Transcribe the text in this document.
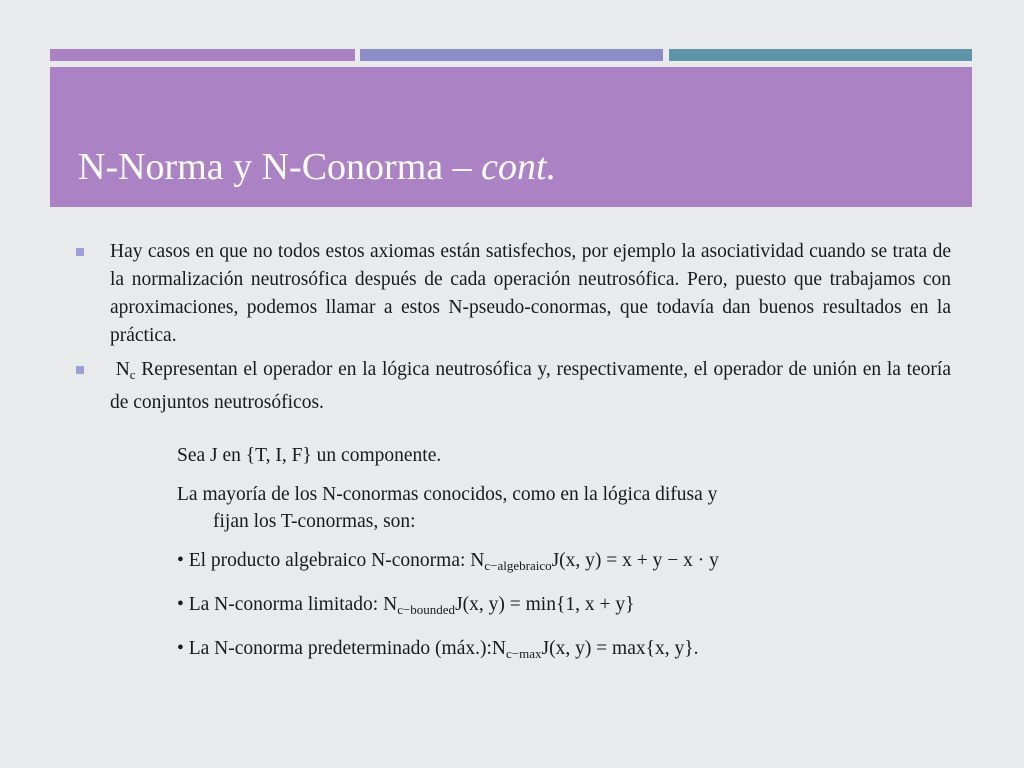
N-Norma y N-Conorma – cont.

Hay casos en que no todos estos axiomas están satisfechos, por ejemplo la asociatividad cuando se trata de la normalización neutrosófica después de cada operación neutrosófica. Pero, puesto que trabajamos con aproximaciones, podemos llamar a estos N-pseudo-conormas, que todavía dan buenos resultados en la práctica.

$N_c$ Representan el operador en la lógica neutrosófica y, respectivamente, el operador de unión en la teoría de conjuntos neutrosóficos.

Sea J en {T, I, F} un componente.

La mayoría de los N-conormas conocidos, como en la lógica difusa y
fijan los T-conormas, son:

• El producto algebraico N-conorma: $N_{c-algebraico}J(x$, y) = x + y − x · y

• La N-conorma limitado: $N_{c-bounded}J(x$, y) = min{1, x + y}

• La N-conorma predeterminado $(máx.):N_{c-max}J(x$, y) = max{x, y}.
